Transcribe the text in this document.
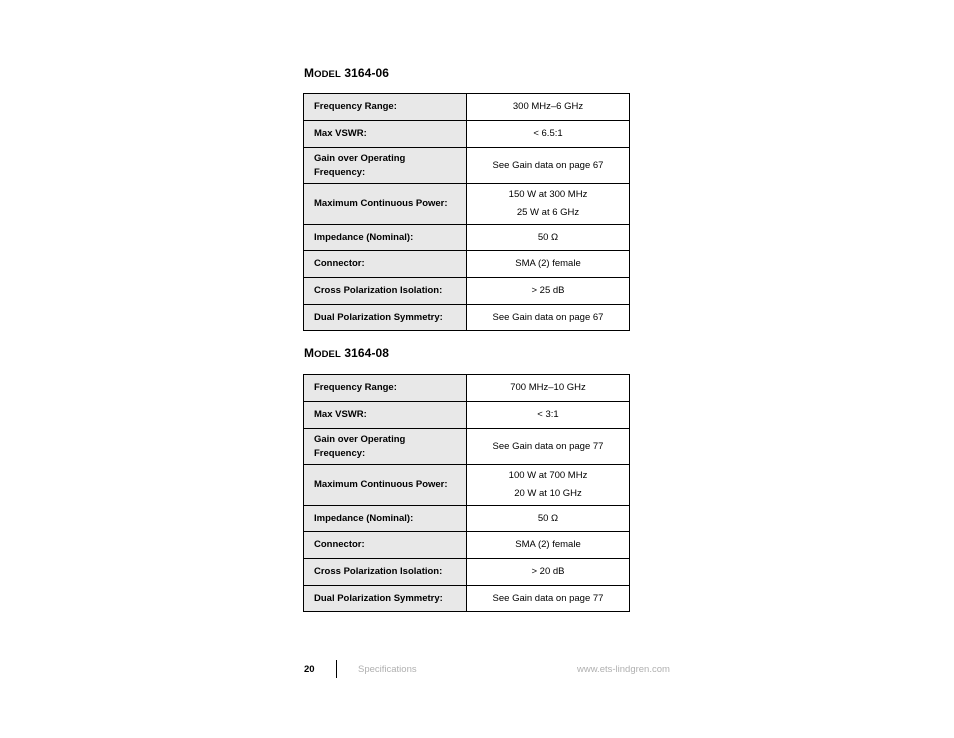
MODEL 3164-06
Frequency Range:	300 MHz–6 GHz
Max VSWR:	< 6.5:1
Gain over Operating Frequency:	See Gain data on page 67
Maximum Continuous Power:	150 W at 300 MHz
25 W at 6 GHz

Impedance (Nominal):	50 Ω
Connector:	SMA (2) female
Cross Polarization Isolation:	> 25 dB
Dual Polarization Symmetry:	See Gain data on page 67
MODEL 3164-08
Frequency Range:	700 MHz–10 GHz
Max VSWR:	< 3:1
Gain over Operating Frequency:	See Gain data on page 77
Maximum Continuous Power:	100 W at 700 MHz
20 W at 10 GHz

Impedance (Nominal):	50 Ω
Connector:	SMA (2) female
Cross Polarization Isolation:	> 20 dB
Dual Polarization Symmetry:	See Gain data on page 77
20	Specifications	www.ets-lindgren.com
